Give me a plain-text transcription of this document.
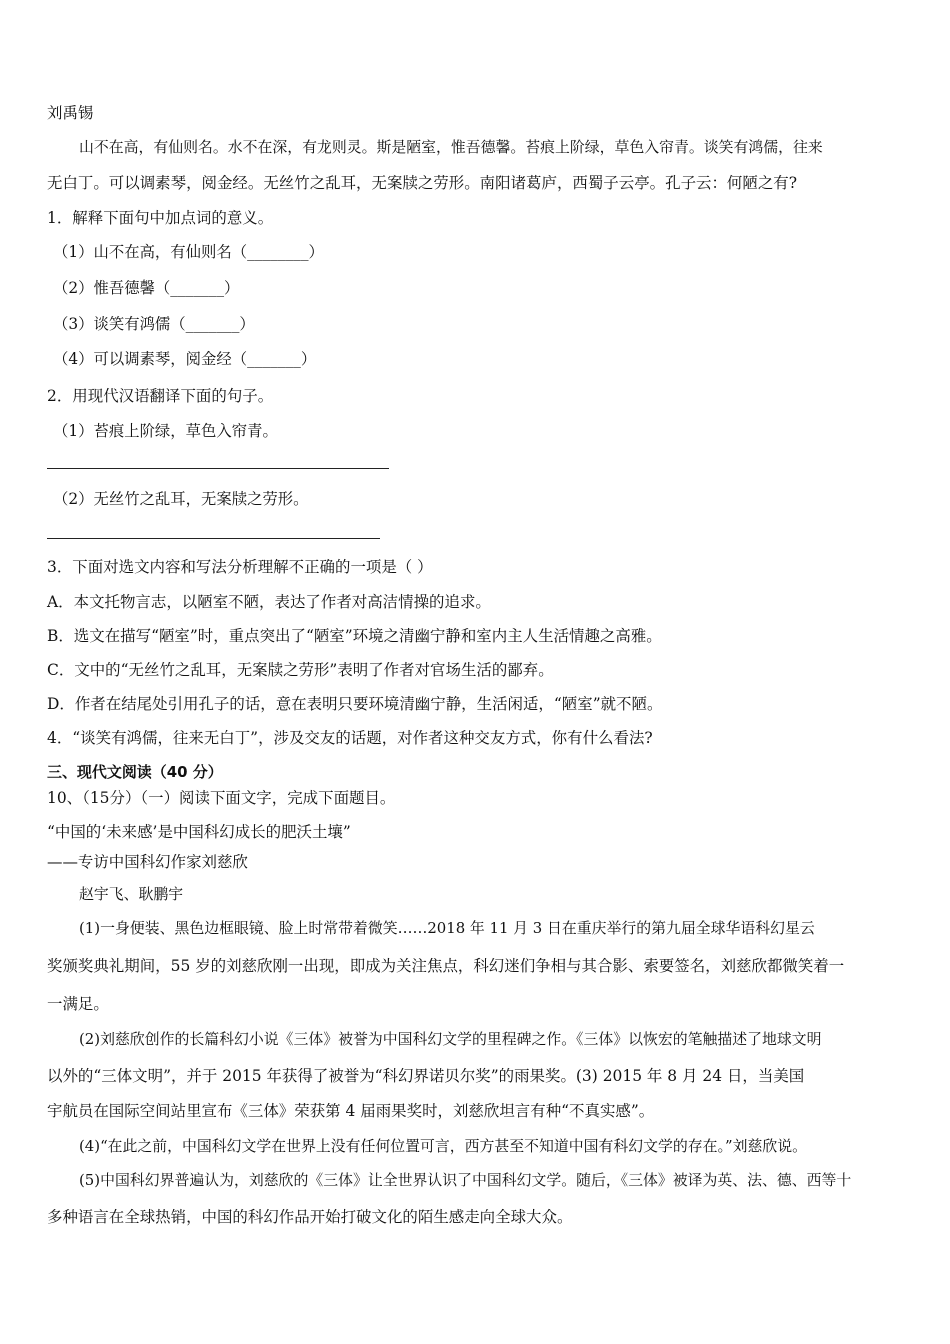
刘禹锡
山不在高，有仙则名。水不在深，有龙则灵。斯是陋室，惟吾德馨。苔痕上阶绿，草色入帘青。谈笑有鸿儒，往来
无白丁。可以调素琴，阅金经。无丝竹之乱耳，无案牍之劳形。南阳诸葛庐，西蜀子云亭。孔子云：何陋之有?
1．解释下面句中加点词的意义。
（1）山不在高，有仙则名（________）
（2）惟吾德馨（_______）
（3）谈笑有鸿儒（_______）
（4）可以调素琴，阅金经（_______）
2．用现代汉语翻译下面的句子。
（1）苔痕上阶绿，草色入帘青。
（2）无丝竹之乱耳，无案牍之劳形。
3．下面对选文内容和写法分析理解不正确的一项是（ ）
A．本文托物言志，以陋室不陋，表达了作者对高洁情操的追求。
B．选文在描写“陋室”时，重点突出了“陋室”环境之清幽宁静和室内主人生活情趣之高雅。
C．文中的“无丝竹之乱耳，无案牍之劳形”表明了作者对官场生活的鄙弃。
D．作者在结尾处引用孔子的话，意在表明只要环境清幽宁静，生活闲适，“陋室”就不陋。
4．“谈笑有鸿儒，往来无白丁”，涉及交友的话题，对作者这种交友方式，你有什么看法?
三、现代文阅读（40 分）
10、（15分）（一）阅读下面文字，完成下面题目。
“中国的‘未来感’是中国科幻成长的肥沃土壤”
——专访中国科幻作家刘慈欣
赵宇飞、耿鹏宇
(1)一身便装、黑色边框眼镜、脸上时常带着微笑……2018 年 11 月 3 日在重庆举行的第九届全球华语科幻星云
奖颁奖典礼期间，55 岁的刘慈欣刚一出现，即成为关注焦点，科幻迷们争相与其合影、索要签名，刘慈欣都微笑着一
一满足。
(2)刘慈欣创作的长篇科幻小说《三体》被誉为中国科幻文学的里程碑之作。《三体》以恢宏的笔触描述了地球文明
以外的“三体文明”，并于 2015 年获得了被誉为“科幻界诺贝尔奖”的雨果奖。(3) 2015 年 8 月 24 日，当美国
宇航员在国际空间站里宣布《三体》荣获第 4 届雨果奖时，刘慈欣坦言有种“不真实感”。
(4)“在此之前，中国科幻文学在世界上没有任何位置可言，西方甚至不知道中国有科幻文学的存在。”刘慈欣说。
(5)中国科幻界普遍认为，刘慈欣的《三体》让全世界认识了中国科幻文学。随后，《三体》被译为英、法、德、西等十
多种语言在全球热销，中国的科幻作品开始打破文化的陌生感走向全球大众。
